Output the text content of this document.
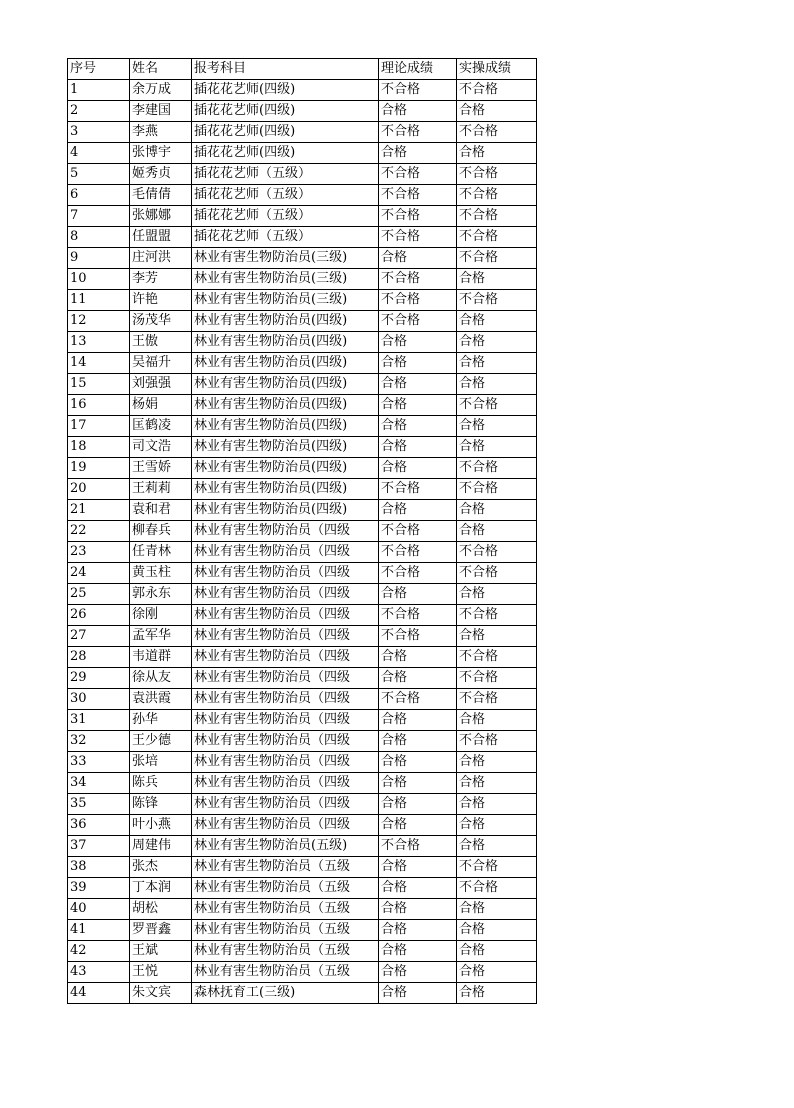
序号	姓名	报考科目	理论成绩	实操成绩
1	余万成	插花花艺师(四级)	不合格	不合格
2	李建国	插花花艺师(四级)	合格	合格
3	李燕	插花花艺师(四级)	不合格	不合格
4	张博宇	插花花艺师(四级)	合格	合格
5	姬秀贞	插花花艺师（五级）	不合格	不合格
6	毛倩倩	插花花艺师（五级）	不合格	不合格
7	张娜娜	插花花艺师（五级）	不合格	不合格
8	任盟盟	插花花艺师（五级）	不合格	不合格
9	庄河洪	林业有害生物防治员(三级)	合格	不合格
10	李芳	林业有害生物防治员(三级)	不合格	合格
11	许艳	林业有害生物防治员(三级)	不合格	不合格
12	汤茂华	林业有害生物防治员(四级)	不合格	合格
13	王傲	林业有害生物防治员(四级)	合格	合格
14	吴福升	林业有害生物防治员(四级)	合格	合格
15	刘强强	林业有害生物防治员(四级)	合格	合格
16	杨娟	林业有害生物防治员(四级)	合格	不合格
17	匡鹤凌	林业有害生物防治员(四级)	合格	合格
18	司文浩	林业有害生物防治员(四级)	合格	合格
19	王雪娇	林业有害生物防治员(四级)	合格	不合格
20	王莉莉	林业有害生物防治员(四级)	不合格	不合格
21	袁和君	林业有害生物防治员(四级)	合格	合格
22	柳春兵	林业有害生物防治员（四级	不合格	合格
23	任青林	林业有害生物防治员（四级	不合格	不合格
24	黄玉柱	林业有害生物防治员（四级	不合格	不合格
25	郭永东	林业有害生物防治员（四级	合格	合格
26	徐刚	林业有害生物防治员（四级	不合格	不合格
27	孟军华	林业有害生物防治员（四级	不合格	合格
28	韦道群	林业有害生物防治员（四级	合格	不合格
29	徐从友	林业有害生物防治员（四级	合格	不合格
30	袁洪霞	林业有害生物防治员（四级	不合格	不合格
31	孙华	林业有害生物防治员（四级	合格	合格
32	王少德	林业有害生物防治员（四级	合格	不合格
33	张培	林业有害生物防治员（四级	合格	合格
34	陈兵	林业有害生物防治员（四级	合格	合格
35	陈锋	林业有害生物防治员（四级	合格	合格
36	叶小燕	林业有害生物防治员（四级	合格	合格
37	周建伟	林业有害生物防治员(五级)	不合格	合格
38	张杰	林业有害生物防治员（五级	合格	不合格
39	丁本润	林业有害生物防治员（五级	合格	不合格
40	胡松	林业有害生物防治员（五级	合格	合格
41	罗晋鑫	林业有害生物防治员（五级	合格	合格
42	王斌	林业有害生物防治员（五级	合格	合格
43	王悦	林业有害生物防治员（五级	合格	合格
44	朱文宾	森林抚育工(三级)	合格	合格
